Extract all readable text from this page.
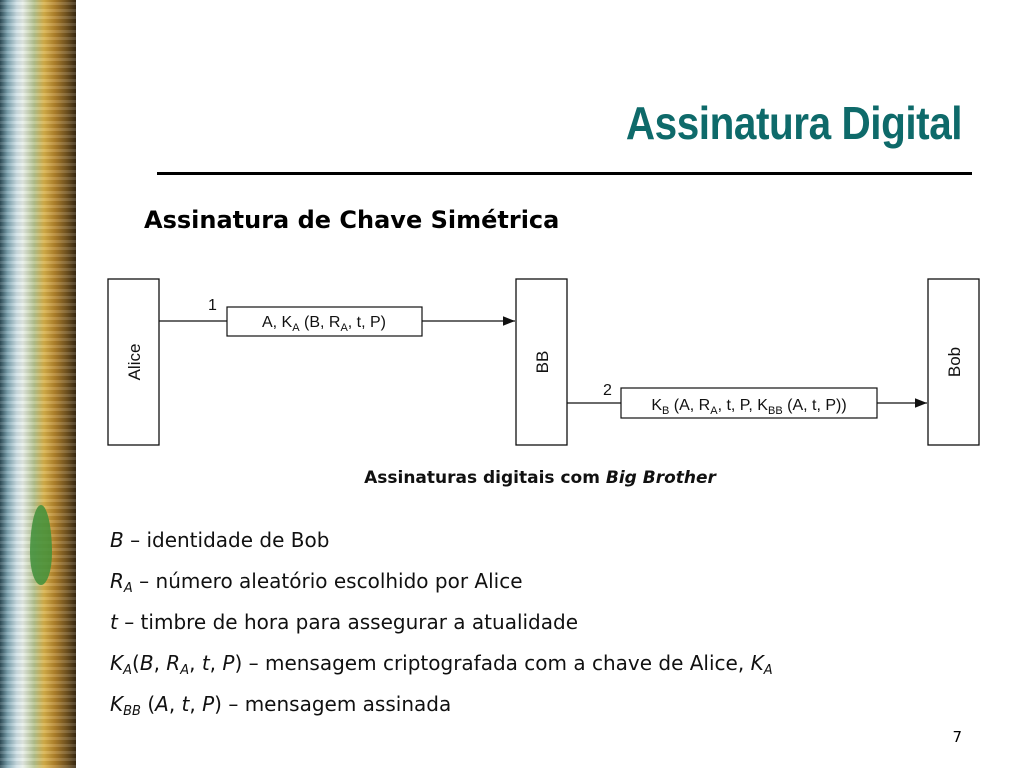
Assinatura Digital
Assinatura de Chave Simétrica
Alice	BB	Bob
1
A, $K_A$ (B, $R_A$, t, P)
2
$K_B$ (A, $R_A$, t, P, $K_{BB}$ (A, t, P))
Assinaturas digitais com Big Brother
B – identidade de Bob
$R_A$ – número aleatório escolhido por Alice
t – timbre de hora para assegurar a atualidade
$K_A(B$, $R_A$, t, P) – mensagem criptografada com a chave de Alice, $K_A$
$K_{BB}$ (A, t, P) – mensagem assinada
7
